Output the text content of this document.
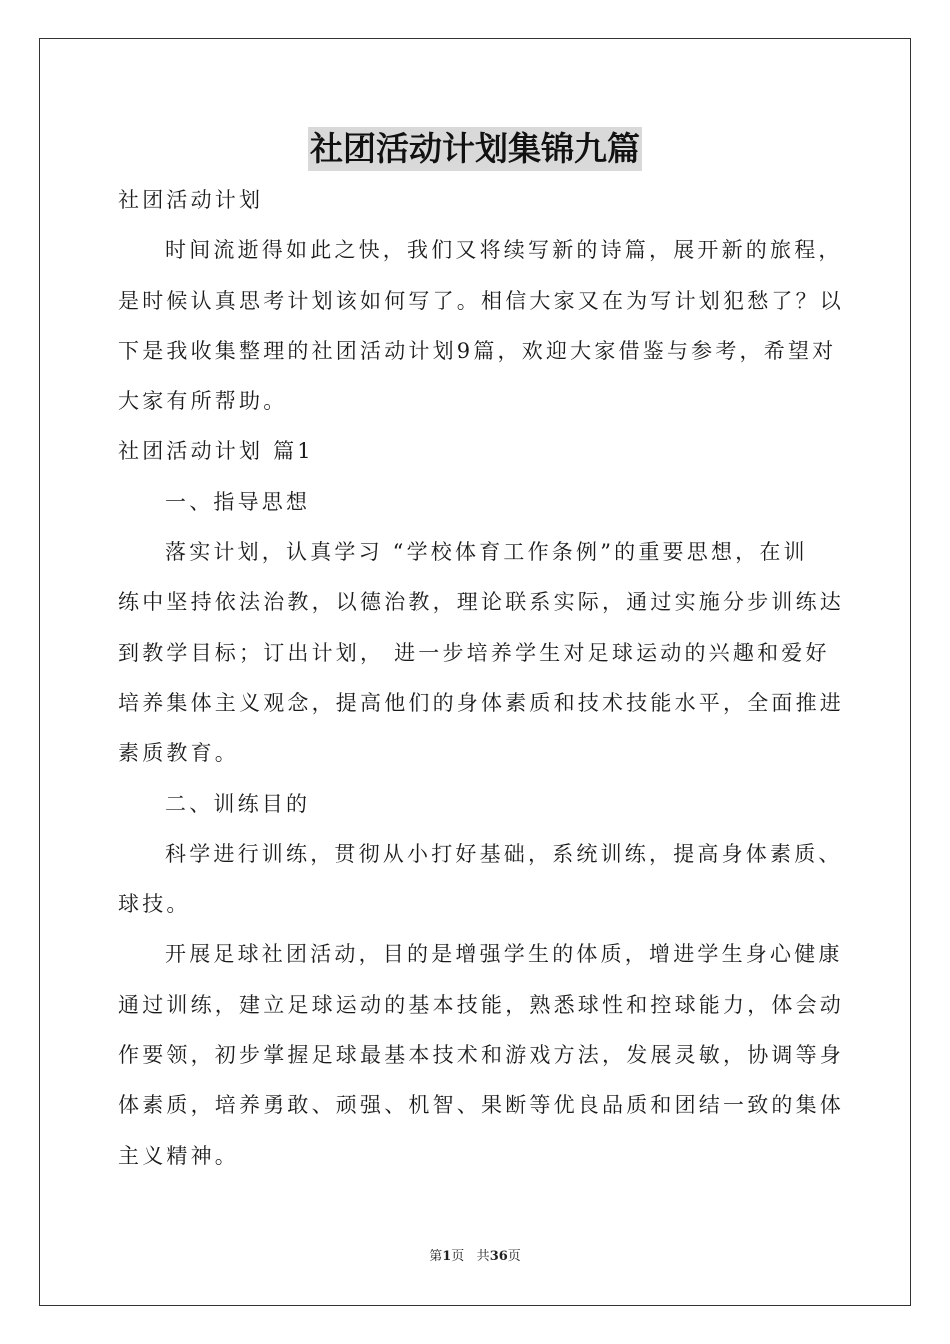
社团活动计划集锦九篇
社团活动计划
时间流逝得如此之快，我们又将续写新的诗篇，展开新的旅程，
是时候认真思考计划该如何写了。相信大家又在为写计划犯愁了？以
下是我收集整理的社团活动计划9篇，欢迎大家借鉴与参考，希望对
大家有所帮助。
社团活动计划 篇1
一、指导思想
落实计划，认真学习 “学校体育工作条例”的重要思想，在训
练中坚持依法治教，以德治教，理论联系实际，通过实施分步训练达
到教学目标；订出计划， 进一步培养学生对足球运动的兴趣和爱好
培养集体主义观念，提高他们的身体素质和技术技能水平，全面推进
素质教育。
二、训练目的
科学进行训练，贯彻从小打好基础，系统训练，提高身体素质、
球技。
开展足球社团活动，目的是增强学生的体质，增进学生身心健康
通过训练，建立足球运动的基本技能，熟悉球性和控球能力，体会动
作要领，初步掌握足球最基本技术和游戏方法，发展灵敏，协调等身
体素质，培养勇敢、顽强、机智、果断等优良品质和团结一致的集体
主义精神。
第1页 共36页
